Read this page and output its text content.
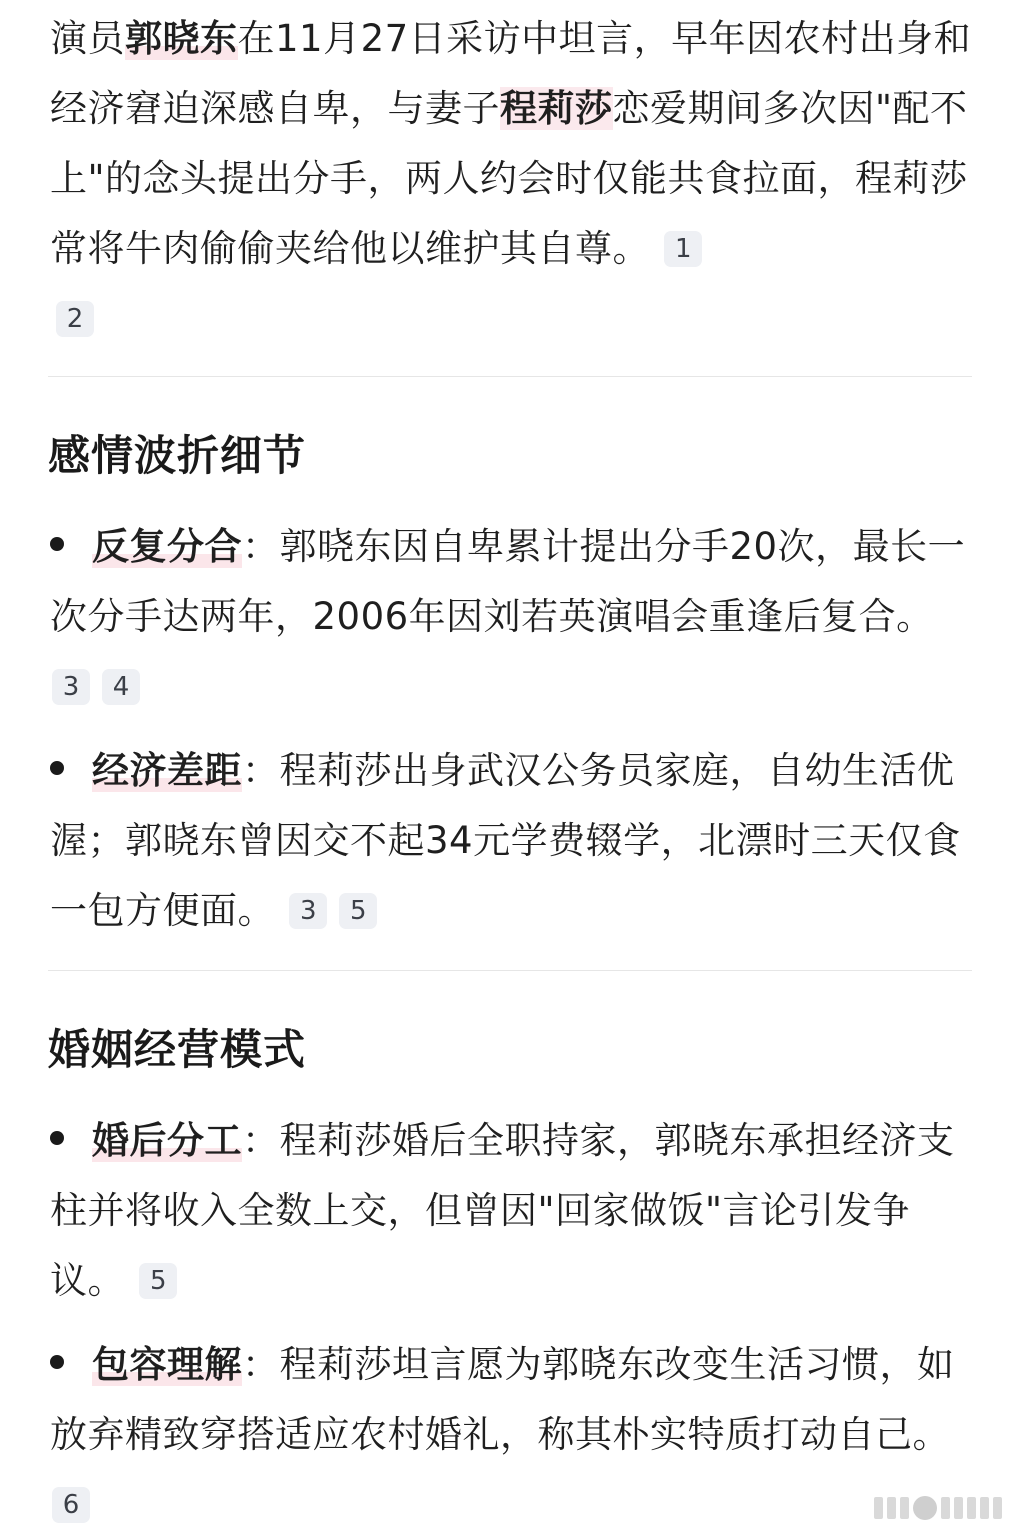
演员郭晓东在11月27日采访中坦言，早年因农村出身和经济窘迫深感自卑，与妻子程莉莎恋爱期间多次因"配不上"的念头提出分手，两人约会时仅能共食拉面，程莉莎常将牛肉偷偷夹给他以维护其自尊。 1
2

感情波折细节

反复分合：郭晓东因自卑累计提出分手20次，最长一次分手达两年，2006年因刘若英演唱会重逢后复合。 3 4

经济差距：程莉莎出身武汉公务员家庭，自幼生活优渥；郭晓东曾因交不起34元学费辍学，北漂时三天仅食一包方便面。 3 5

婚姻经营模式

婚后分工：程莉莎婚后全职持家，郭晓东承担经济支柱并将收入全数上交，但曾因"回家做饭"言论引发争议。 5

包容理解：程莉莎坦言愿为郭晓东改变生活习惯，如放弃精致穿搭适应农村婚礼，称其朴实特质打动自己。 6
